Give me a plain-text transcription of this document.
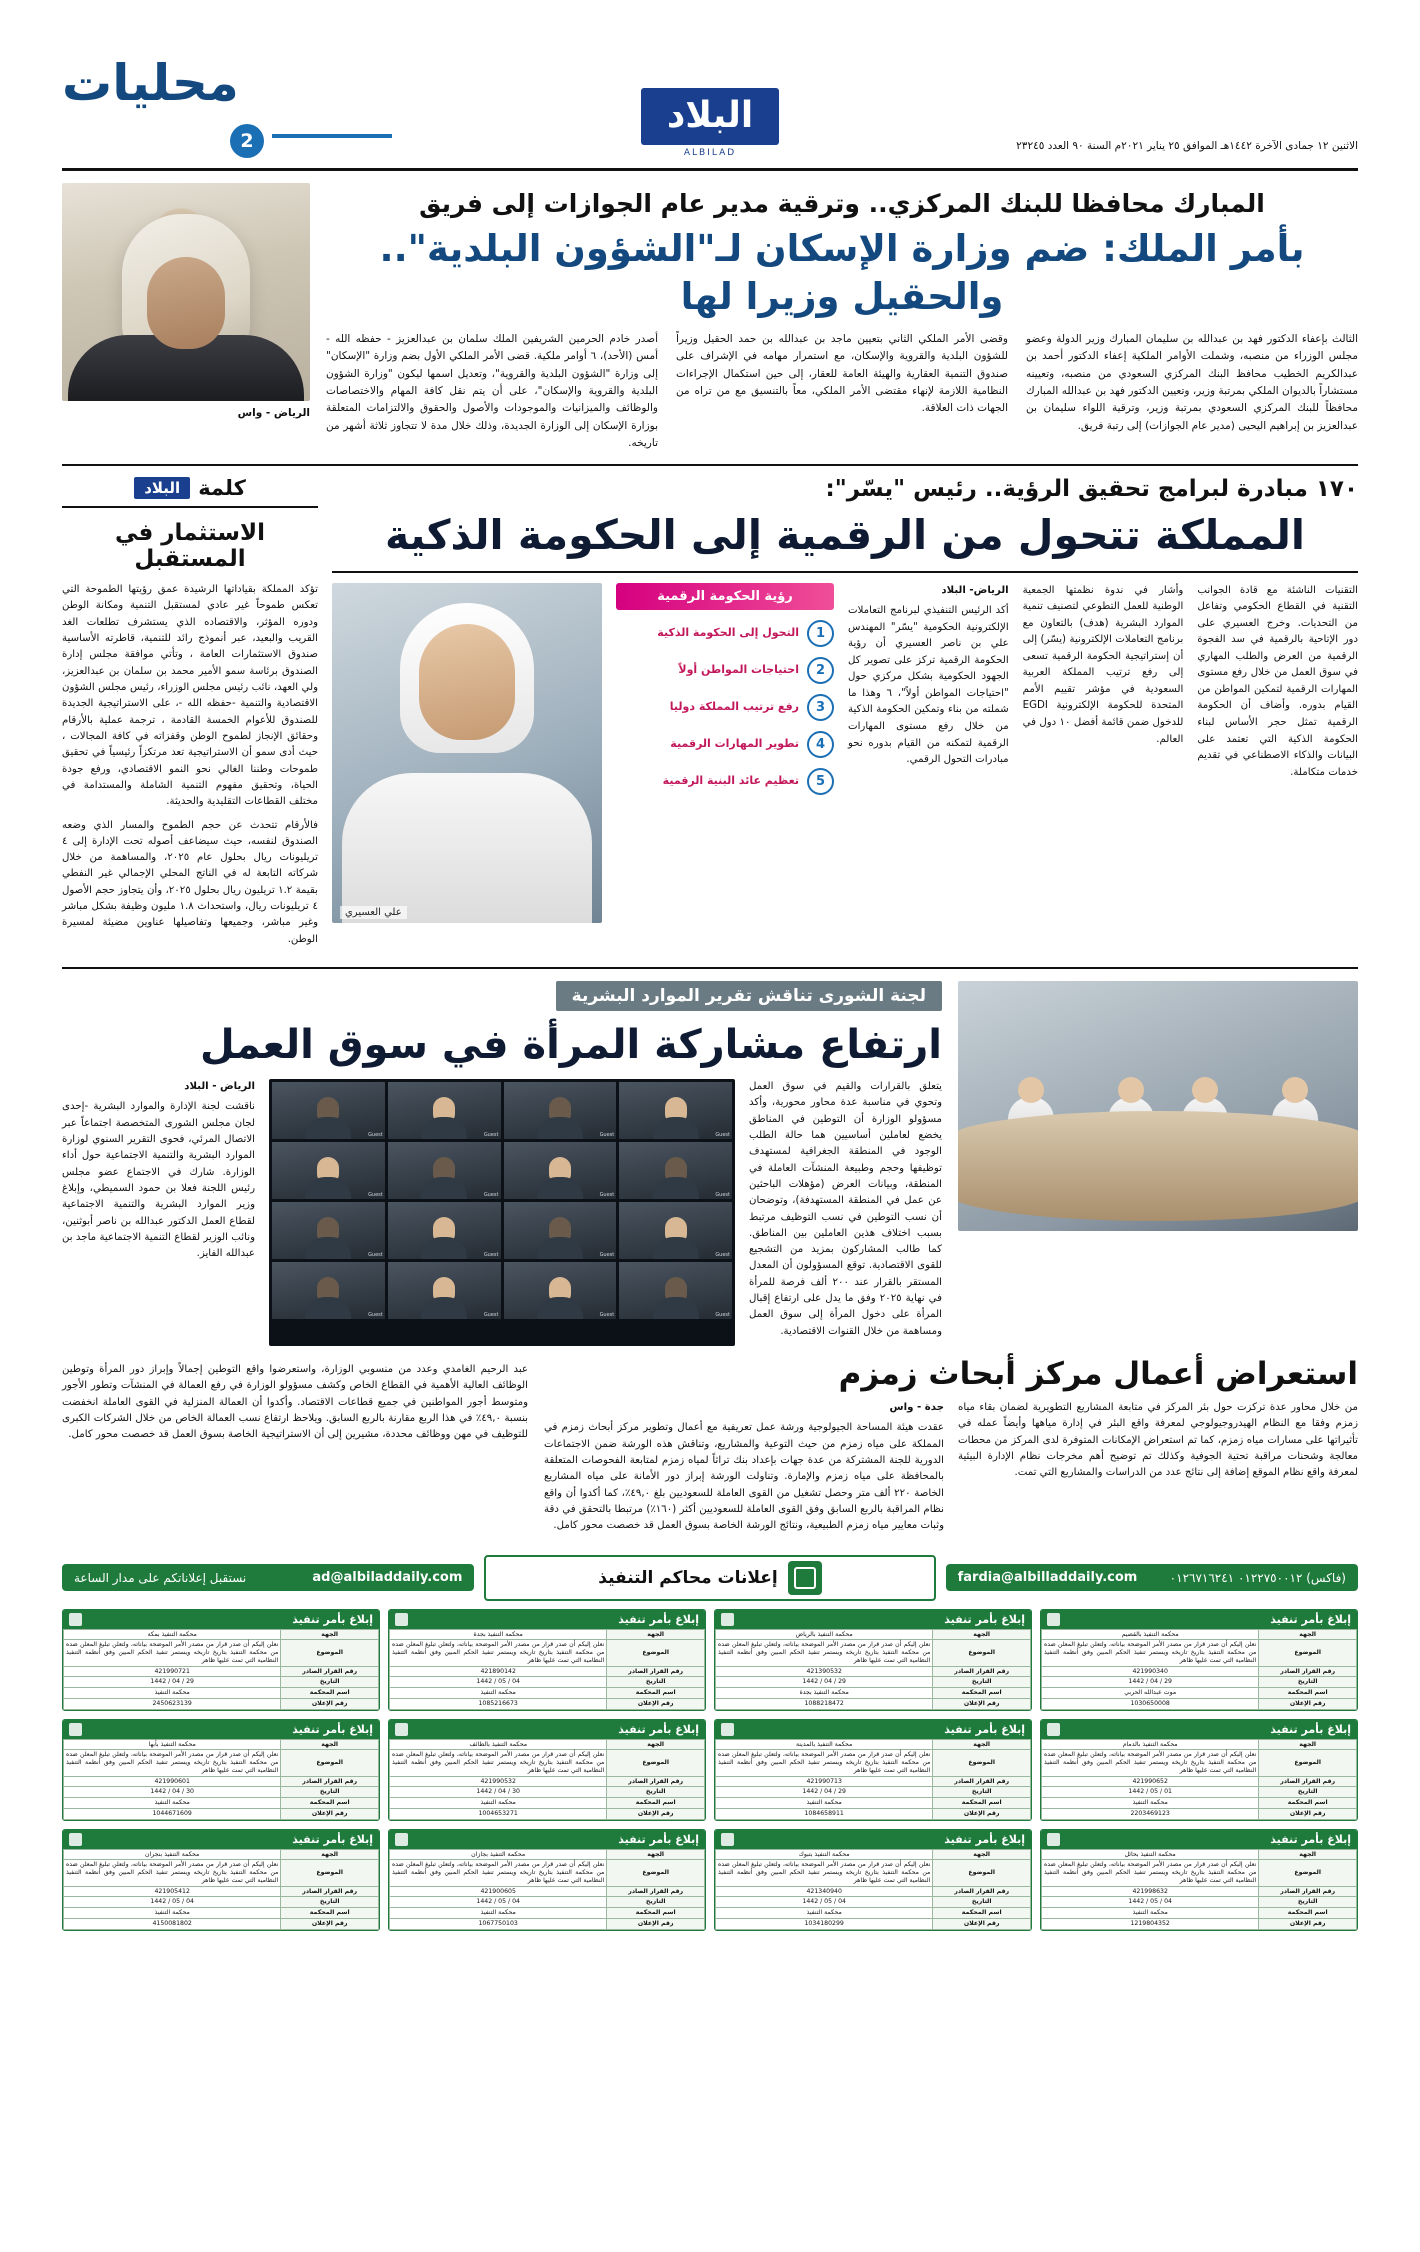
الاثنين ١٢ جمادى الآخرة ١٤٤٢هـ الموافق ٢٥ يناير ٢٠٢١م السنة ٩٠ العدد ٢٣٢٤٥
البلاد
ALBILAD
محليات
2
المبارك محافظا للبنك المركزي.. وترقية مدير عام الجوازات إلى فريق
بأمر الملك: ضم وزارة الإسكان لـ"الشؤون البلدية".. والحقيل وزيرا لها

الثالث بإعفاء الدكتور فهد بن عبدالله بن سليمان المبارك وزير الدولة وعضو مجلس الوزراء من منصبه، وشملت الأوامر الملكية إعفاء الدكتور أحمد بن عبدالكريم الخطيب محافظ البنك المركزي السعودي من منصبه، وتعيينه مستشاراً بالديوان الملكي بمرتبة وزير، وتعيين الدكتور فهد بن عبدالله المبارك محافظاً للبنك المركزي السعودي بمرتبة وزير، وترقية اللواء سليمان بن عبدالعزيز بن إبراهيم اليحيى (مدير عام الجوازات) إلى رتبة فريق.

وقضى الأمر الملكي الثاني بتعيين ماجد بن عبدالله بن حمد الحقيل وزيراً للشؤون البلدية والقروية والإسكان، مع استمرار مهامه في الإشراف على صندوق التنمية العقارية والهيئة العامة للعقار، إلى حين استكمال الإجراءات النظامية اللازمة لإنهاء مقتضى الأمر الملكي، معاً بالتنسيق مع من تراه من الجهات ذات العلاقة.

أصدر خادم الحرمين الشريفين الملك سلمان بن عبدالعزيز - حفظه الله - أمس (الأحد)، ٦ أوامر ملكية. قضى الأمر الملكي الأول بضم وزارة "الإسكان" إلى وزارة "الشؤون البلدية والقروية"، وتعديل اسمها ليكون "وزارة الشؤون البلدية والقروية والإسكان"، على أن يتم نقل كافة المهام والاختصاصات والوظائف والميزانيات والموجودات والأصول والحقوق والالتزامات المتعلقة بوزارة الإسكان إلى الوزارة الجديدة، وذلك خلال مدة لا تتجاوز ثلاثة أشهر من تاريخه.

الرياض - واس
١٧٠ مبادرة لبرامج تحقيق الرؤية.. رئيس "يسّر":
المملكة تتحول من الرقمية إلى الحكومة الذكية

التقنيات الناشئة مع قادة الجوانب التقنية في القطاع الحكومي وتفاعل من التحديات. وخرج العسيري على دور الإتاحية بالرقمية في سد الفجوة الرقمية من العرض والطلب المهاري في سوق العمل من خلال رفع مستوى المهارات الرقمية لتمكين المواطن من القيام بدوره. وأضاف أن الحكومة الرقمية تمثل حجر الأساس لبناء الحكومة الذكية التي تعتمد على البيانات والذكاء الاصطناعي في تقديم خدمات متكاملة.

وأشار في ندوة نظمتها الجمعية الوطنية للعمل التطوعي لتصنيف تنمية الموارد البشرية (هدف) بالتعاون مع برنامج التعاملات الإلكترونية (يسّر) إلى أن إستراتيجية الحكومة الرقمية تسعى إلى رفع ترتيب المملكة العربية السعودية في مؤشر تقييم الأمم المتحدة للحكومة الإلكترونية EGDI للدخول ضمن قائمة أفضل ١٠ دول في العالم.

الرياض- البلاد

أكد الرئيس التنفيذي لبرنامج التعاملات الإلكترونية الحكومية "يسّر" المهندس علي بن ناصر العسيري أن رؤية الحكومة الرقمية تركز على تصوير كل الجهود الحكومية بشكل مركزي حول "احتياجات المواطن أولاً"، ٦ وهذا ما شملته من بناء وتمكين الحكومة الذكية من خلال رفع مستوى المهارات الرقمية لتمكنه من القيام بدوره نحو مبادرات التحول الرقمي.

رؤية الحكومة الرقمية
1
التحول إلى الحكومة الذكية
2
احتياجات المواطن أولاً
3
رفع ترتيب المملكة دوليا
4
تطوير المهارات الرقمية
5
تعظيم عائد البنية الرقمية
علي العسيري
كلمة
البلاد
الاستثمار في المستقبل

تؤكد المملكة بقياداتها الرشيدة عمق رؤيتها الطموحة التي تعكس طموحاً غير عادي لمستقبل التنمية ومكانة الوطن ودوره المؤثر، والاقتصاده الذي يستشرف تطلعات الغد القريب والبعيد، عبر أنموذج رائد للتنمية، قاطرته الأساسية صندوق الاستثمارات العامة ، وتأتي موافقة مجلس إدارة الصندوق برئاسة سمو الأمير محمد بن سلمان بن عبدالعزيز، ولي العهد، نائب رئيس مجلس الوزراء، رئيس مجلس الشؤون الاقتصادية والتنمية -حفظه الله -، على الاستراتيجية الجديدة للصندوق للأعوام الخمسة القادمة ، ترجمة عملية بالأرقام وحقائق الإنجاز لطموح الوطن وقفزاته في كافة المجالات ، حيث أدى سمو أن الاستراتيجية تعد مرتكزاً رئيسياً في تحقيق طموحات وطننا الغالي نحو النمو الاقتصادي، ورفع جودة الحياة، وتحقيق مفهوم التنمية الشاملة والمستدامة في مختلف القطاعات التقليدية والحديثة.

فالأرقام تتحدث عن حجم الطموح والمسار الذي وضعه الصندوق لنفسه، حيث سيضاعف أصوله تحت الإدارة إلى ٤ تريليونات ريال بحلول عام ٢٠٢٥، والمساهمة من خلال شركاته التابعة له في الناتج المحلي الإجمالي غير النفطي بقيمة ١.٢ تريليون ريال بحلول ٢٠٢٥، وأن يتجاوز حجم الأصول ٤ تريليونات ريال، واستحداث ١.٨ مليون وظيفة بشكل مباشر وغير مباشر، وجميعها وتفاصيلها عناوين مضيئة لمسيرة الوطن.

لجنة الشورى تناقش تقرير الموارد البشرية
ارتفاع مشاركة المرأة في سوق العمل

يتعلق بالقرارات والقيم في سوق العمل وتحوي في مناسبة عدة محاور محورية، وأكد مسؤولو الوزارة أن التوطين في المناطق يخضع لعاملين أساسيين هما حالة الطلب الوجود في المنطقة الجغرافية لمستهدف توظيفها وحجم وطبيعة المنشآت العاملة في المنطقة، وبيانات العرض (مؤهلات الباحثين عن عمل في المنطقة المستهدفة)، وتوضحان أن نسب التوطين في نسب التوظيف مرتبط بسبب اختلاف هذين العاملين بين المناطق. كما طالب المشاركون بمزيد من التشجيع للقوى الاقتصادية. توقع المسؤولون أن المعدل المستقر بالقرار عند ٢٠٠ ألف فرصة للمرأة في نهاية ٢٠٢٥ وفق ما يدل على ارتفاع إقبال المرأة على دخول المرأة إلى سوق العمل ومساهمة من خلال القنوات الاقتصادية.

Guest
Guest
Guest
Guest
Guest
Guest
Guest
Guest
Guest
Guest
Guest
Guest
Guest
Guest
Guest
Guest
الرياض - البلاد

ناقشت لجنة الإدارة والموارد البشرية -إحدى لجان مجلس الشورى المتخصصة اجتماعاً عبر الاتصال المرئي، فحوى التقرير السنوي لوزارة الموارد البشرية والتنمية الاجتماعية حول أداء الوزارة. شارك في الاجتماع عضو مجلس رئيس اللجنة فعلا بن حمود السميطي، وإبلاغ وزير الموارد البشرية والتنمية الاجتماعية لقطاع العمل الدكتور عبدالله بن ناصر أبوثنين، ونائب الوزير لقطاع التنمية الاجتماعية ماجد بن عبدالله الفايز.

استعراض أعمال مركز أبحاث زمزم

من خلال محاور عدة تركزت حول بئر المركز في متابعة المشاريع التطويرية لضمان بقاء مياه زمزم وفقا مع النظام الهيدروجيولوجي لمعرفة واقع البئر في إدارة مياهها وأيضاً عمله في تأثيراتها على مسارات مياه زمزم، كما تم استعراض الإمكانات المتوفرة لدى المركز من محطات معالجة وشحنات مراقبة تحتية الجوفية وكذلك تم توضيح أهم مخرجات نظام الإدارة البيئية لمعرفة واقع نظام الموقع إضافة إلى نتائج عدد من الدراسات والمشاريع التي تمت.

جدة - واس

عقدت هيئة المساحة الجيولوجية ورشة عمل تعريفية مع أعمال وتطوير مركز أبحاث زمزم في المملكة على مياه زمزم من حيث التوعية والمشاريع، وتناقش هذه الورشة ضمن الاجتماعات الدورية للجنة المشتركة من عدة جهات بإعداد بنك تراثاً لمياه زمزم لمتابعة الفحوصات المتعلقة بالمحافظة على مياه زمزم والإمارة. وتناولت الورشة إبراز دور الأمانة على مياه المشاريع الخاصة ٢٢٠ ألف متر وحصل تشغيل من القوى العاملة للسعوديين بلغ ٤٩,٠٪، كما أكدوا أن واقع نظام المراقبة بالربع السابق وفق القوى العاملة للسعوديين أكثر (١٦٠٪) مرتبطا بالتحقق في دقة وثبات معايير مياه زمزم الطبيعية، ونتائج الورشة الخاصة بسوق العمل قد خصصت محور كامل.

عبد الرحيم الغامدي وعدد من منسوبي الوزارة، واستعرضوا واقع التوطين إجمالاً وإبراز دور المرأة وتوطين الوظائف العالية الأهمية في القطاع الخاص وكشف مسؤولو الوزارة في رفع العمالة في المنشآت وتطور الأجور ومتوسط أجور المواطنين في جميع قطاعات الاقتصاد. وأكدوا أن العمالة المنزلية في القوى العاملة انخفضت بنسبة ٤٩,٠٪ في هذا الربع مقارنة بالربع السابق. ويلاحظ ارتفاع نسب العمالة الخاص من خلال الشركات الكبرى للتوظيف في مهن ووظائف محددة، مشيرين إلى أن الاستراتيجية الخاصة بسوق العمل قد خصصت محور كامل.

(فاكس) ٠١٢٢٧٥٠٠١٢ ٠١٢٦٧١٦٢٤١
fardia@albilladdaily.com
إعلانات محاكم التنفيذ
ad@albiladdaily.com
نستقبل إعلاناتكم على مدار الساعة
إبلاغ بأمر تنفيذ
الجهة	محكمة التنفيذ بالقصيم
الموضوع	نعلن إليكم أن صدر قرار من مصدر الأمر الموضحة بياناته، ولتعلن تبليغ المعلن ضده من محكمة التنفيذ بتاريخ تاريخه ويستمر تنفيذ الحكم المبين وفق أنظمة التنفيذ النظامية التي تمت عليها ظاهر
رقم القرار الصادر	421990340
التاريخ	29 / 04 / 1442
اسم المحكمة	موت عبدالله الحربي
رقم الإعلان	1030650008
إبلاغ بأمر تنفيذ
الجهة	محكمة التنفيذ بالرياض
الموضوع	نعلن إليكم أن صدر قرار من مصدر الأمر الموضحة بياناته، ولتعلن تبليغ المعلن ضده من محكمة التنفيذ بتاريخ تاريخه ويستمر تنفيذ الحكم المبين وفق أنظمة التنفيذ النظامية التي تمت عليها ظاهر
رقم القرار الصادر	421390532
التاريخ	29 / 04 / 1442
اسم المحكمة	محكمة التنفيذ بجدة
رقم الإعلان	1088218472
إبلاغ بأمر تنفيذ
الجهة	محكمة التنفيذ بجدة
الموضوع	نعلن إليكم أن صدر قرار من مصدر الأمر الموضحة بياناته، ولتعلن تبليغ المعلن ضده من محكمة التنفيذ بتاريخ تاريخه ويستمر تنفيذ الحكم المبين وفق أنظمة التنفيذ النظامية التي تمت عليها ظاهر
رقم القرار الصادر	421890142
التاريخ	04 / 05 / 1442
اسم المحكمة	محكمة التنفيذ
رقم الإعلان	1085216673
إبلاغ بأمر تنفيذ
الجهة	محكمة التنفيذ بمكة
الموضوع	نعلن إليكم أن صدر قرار من مصدر الأمر الموضحة بياناته، ولتعلن تبليغ المعلن ضده من محكمة التنفيذ بتاريخ تاريخه ويستمر تنفيذ الحكم المبين وفق أنظمة التنفيذ النظامية التي تمت عليها ظاهر
رقم القرار الصادر	421990721
التاريخ	29 / 04 / 1442
اسم المحكمة	محكمة التنفيذ
رقم الإعلان	2450623139
إبلاغ بأمر تنفيذ
الجهة	محكمة التنفيذ بالدمام
الموضوع	نعلن إليكم أن صدر قرار من مصدر الأمر الموضحة بياناته، ولتعلن تبليغ المعلن ضده من محكمة التنفيذ بتاريخ تاريخه ويستمر تنفيذ الحكم المبين وفق أنظمة التنفيذ النظامية التي تمت عليها ظاهر
رقم القرار الصادر	421990652
التاريخ	01 / 05 / 1442
اسم المحكمة	محكمة التنفيذ
رقم الإعلان	2203469123
إبلاغ بأمر تنفيذ
الجهة	محكمة التنفيذ بالمدينة
الموضوع	نعلن إليكم أن صدر قرار من مصدر الأمر الموضحة بياناته، ولتعلن تبليغ المعلن ضده من محكمة التنفيذ بتاريخ تاريخه ويستمر تنفيذ الحكم المبين وفق أنظمة التنفيذ النظامية التي تمت عليها ظاهر
رقم القرار الصادر	421990713
التاريخ	29 / 04 / 1442
اسم المحكمة	محكمة التنفيذ
رقم الإعلان	1084658911
إبلاغ بأمر تنفيذ
الجهة	محكمة التنفيذ بالطائف
الموضوع	نعلن إليكم أن صدر قرار من مصدر الأمر الموضحة بياناته، ولتعلن تبليغ المعلن ضده من محكمة التنفيذ بتاريخ تاريخه ويستمر تنفيذ الحكم المبين وفق أنظمة التنفيذ النظامية التي تمت عليها ظاهر
رقم القرار الصادر	421990532
التاريخ	30 / 04 / 1442
اسم المحكمة	محكمة التنفيذ
رقم الإعلان	1004653271
إبلاغ بأمر تنفيذ
الجهة	محكمة التنفيذ بأبها
الموضوع	نعلن إليكم أن صدر قرار من مصدر الأمر الموضحة بياناته، ولتعلن تبليغ المعلن ضده من محكمة التنفيذ بتاريخ تاريخه ويستمر تنفيذ الحكم المبين وفق أنظمة التنفيذ النظامية التي تمت عليها ظاهر
رقم القرار الصادر	421990601
التاريخ	30 / 04 / 1442
اسم المحكمة	محكمة التنفيذ
رقم الإعلان	1044671609
إبلاغ بأمر تنفيذ
الجهة	محكمة التنفيذ بحائل
الموضوع	نعلن إليكم أن صدر قرار من مصدر الأمر الموضحة بياناته، ولتعلن تبليغ المعلن ضده من محكمة التنفيذ بتاريخ تاريخه ويستمر تنفيذ الحكم المبين وفق أنظمة التنفيذ النظامية التي تمت عليها ظاهر
رقم القرار الصادر	421998632
التاريخ	04 / 05 / 1442
اسم المحكمة	محكمة التنفيذ
رقم الإعلان	1219804352
إبلاغ بأمر تنفيذ
الجهة	محكمة التنفيذ بتبوك
الموضوع	نعلن إليكم أن صدر قرار من مصدر الأمر الموضحة بياناته، ولتعلن تبليغ المعلن ضده من محكمة التنفيذ بتاريخ تاريخه ويستمر تنفيذ الحكم المبين وفق أنظمة التنفيذ النظامية التي تمت عليها ظاهر
رقم القرار الصادر	421340940
التاريخ	04 / 05 / 1442
اسم المحكمة	محكمة التنفيذ
رقم الإعلان	1034180299
إبلاغ بأمر تنفيذ
الجهة	محكمة التنفيذ بجازان
الموضوع	نعلن إليكم أن صدر قرار من مصدر الأمر الموضحة بياناته، ولتعلن تبليغ المعلن ضده من محكمة التنفيذ بتاريخ تاريخه ويستمر تنفيذ الحكم المبين وفق أنظمة التنفيذ النظامية التي تمت عليها ظاهر
رقم القرار الصادر	421900605
التاريخ	04 / 05 / 1442
اسم المحكمة	محكمة التنفيذ
رقم الإعلان	1067750103
إبلاغ بأمر تنفيذ
الجهة	محكمة التنفيذ بنجران
الموضوع	نعلن إليكم أن صدر قرار من مصدر الأمر الموضحة بياناته، ولتعلن تبليغ المعلن ضده من محكمة التنفيذ بتاريخ تاريخه ويستمر تنفيذ الحكم المبين وفق أنظمة التنفيذ النظامية التي تمت عليها ظاهر
رقم القرار الصادر	421905412
التاريخ	04 / 05 / 1442
اسم المحكمة	محكمة التنفيذ
رقم الإعلان	4150081802
